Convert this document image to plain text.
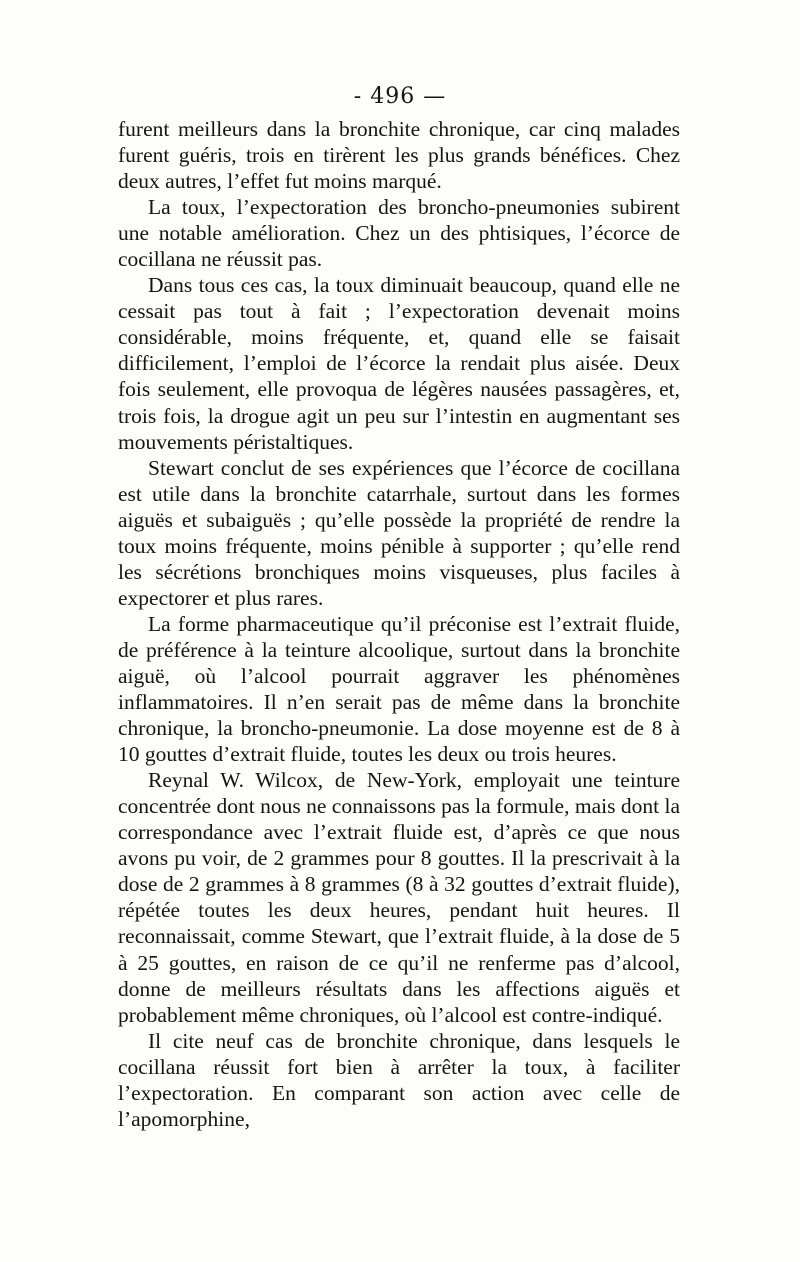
- 496 —

furent meilleurs dans la bronchite chronique, car cinq malades furent guéris, trois en tirèrent les plus grands bénéfices. Chez deux autres, l’effet fut moins marqué.

La toux, l’expectoration des broncho-pneumonies subirent une notable amélioration. Chez un des phtisiques, l’écorce de cocillana ne réussit pas.

Dans tous ces cas, la toux diminuait beaucoup, quand elle ne cessait pas tout à fait ; l’expectoration devenait moins considérable, moins fréquente, et, quand elle se faisait difficilement, l’emploi de l’écorce la rendait plus aisée. Deux fois seulement, elle provoqua de légères nausées passagères, et, trois fois, la drogue agit un peu sur l’intestin en augmentant ses mouvements péristaltiques.

Stewart conclut de ses expériences que l’écorce de cocillana est utile dans la bronchite catarrhale, surtout dans les formes aiguës et subaiguës ; qu’elle possède la propriété de rendre la toux moins fréquente, moins pénible à supporter ; qu’elle rend les sécrétions bronchiques moins visqueuses, plus faciles à expectorer et plus rares.

La forme pharmaceutique qu’il préconise est l’extrait fluide, de préférence à la teinture alcoolique, surtout dans la bronchite aiguë, où l’alcool pourrait aggraver les phénomènes inflammatoires. Il n’en serait pas de même dans la bronchite chronique, la broncho-pneumonie. La dose moyenne est de 8 à 10 gouttes d’extrait fluide, toutes les deux ou trois heures.

Reynal W. Wilcox, de New-York, employait une teinture concentrée dont nous ne connaissons pas la formule, mais dont la correspondance avec l’extrait fluide est, d’après ce que nous avons pu voir, de 2 grammes pour 8 gouttes. Il la prescrivait à la dose de 2 grammes à 8 grammes (8 à 32 gouttes d’extrait fluide), répétée toutes les deux heures, pendant huit heures. Il reconnaissait, comme Stewart, que l’extrait fluide, à la dose de 5 à 25 gouttes, en raison de ce qu’il ne renferme pas d’alcool, donne de meilleurs résultats dans les affections aiguës et probablement même chroniques, où l’alcool est contre-indiqué.

Il cite neuf cas de bronchite chronique, dans lesquels le cocillana réussit fort bien à arrêter la toux, à faciliter l’expectoration. En comparant son action avec celle de l’apomorphine,
